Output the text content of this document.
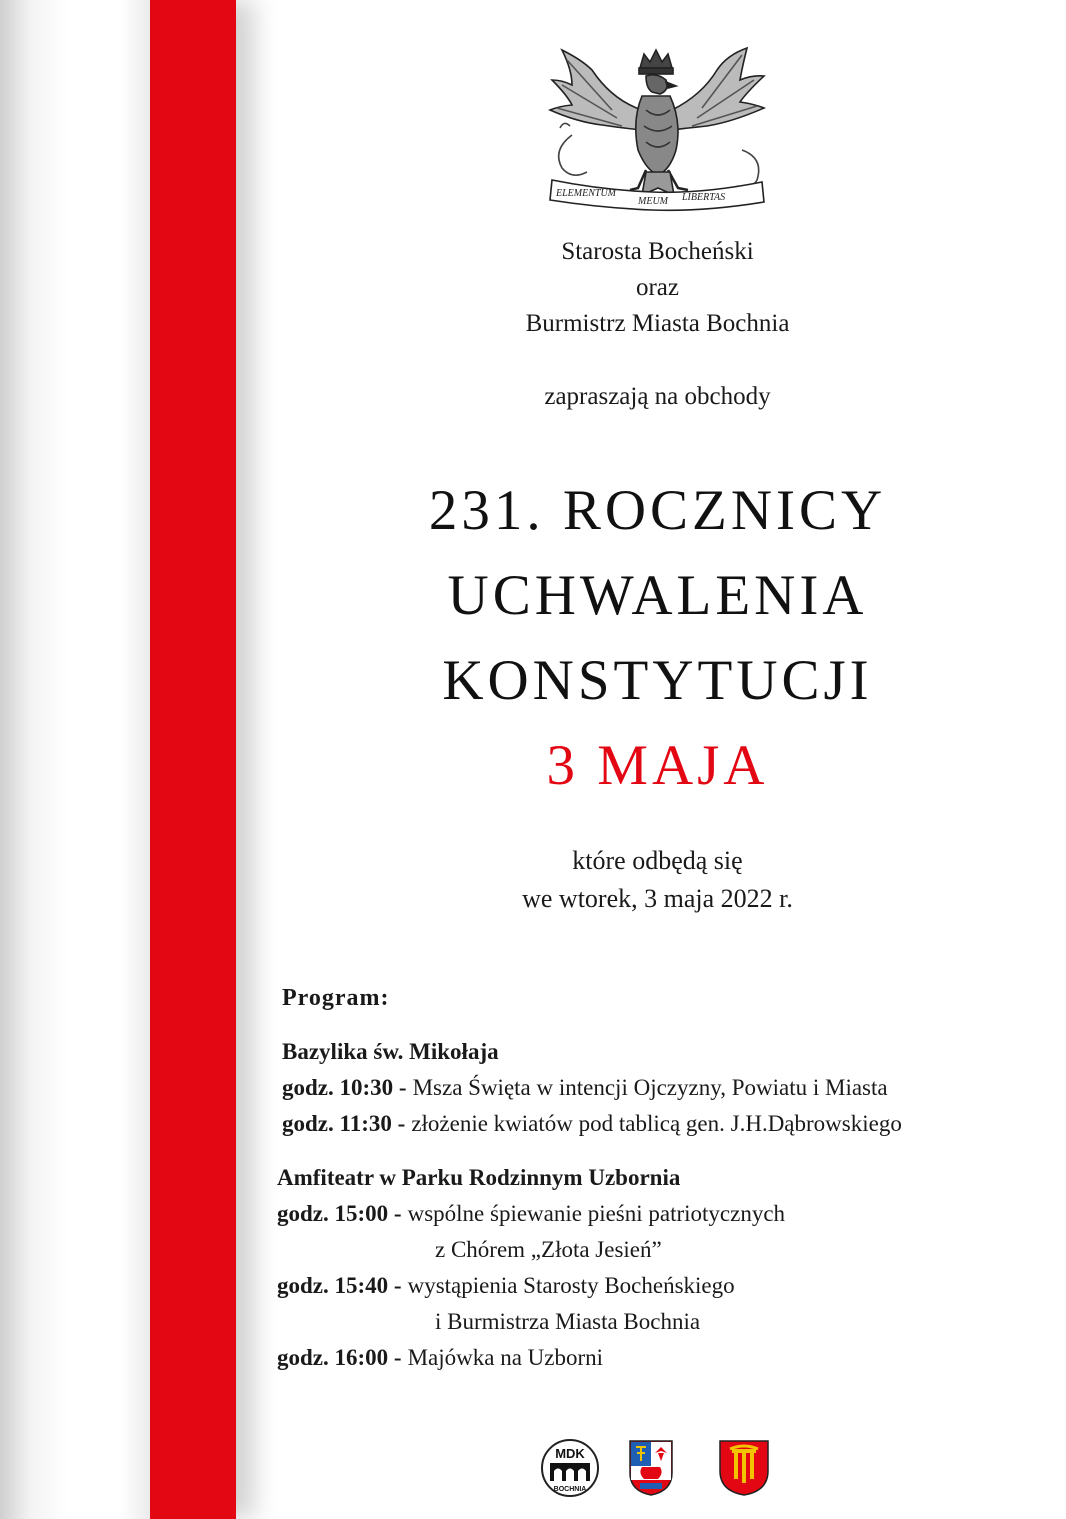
ELEMENTUM
MEUM LIBERTAS
Starosta Bocheński
oraz
Burmistrz Miasta Bochnia
zapraszają na obchody
231. ROCZNICY
UCHWALENIA
KONSTYTUCJI
3 MAJA
które odbędą się
we wtorek, 3 maja 2022 r.
Program:
Bazylika św. Mikołaja
godz. 10:30 - Msza Święta w intencji Ojczyzny, Powiatu i Miasta
godz. 11:30 - złożenie kwiatów pod tablicą gen. J.H.Dąbrowskiego
Amfiteatr w Parku Rodzinnym Uzbornia
godz. 15:00 - wspólne śpiewanie pieśni patriotycznych
z Chórem „Złota Jesień”
godz. 15:40 - wystąpienia Starosty Bocheńskiego
i Burmistrza Miasta Bochnia
godz. 16:00 - Majówka na Uzborni
MDK
BOCHNIA
